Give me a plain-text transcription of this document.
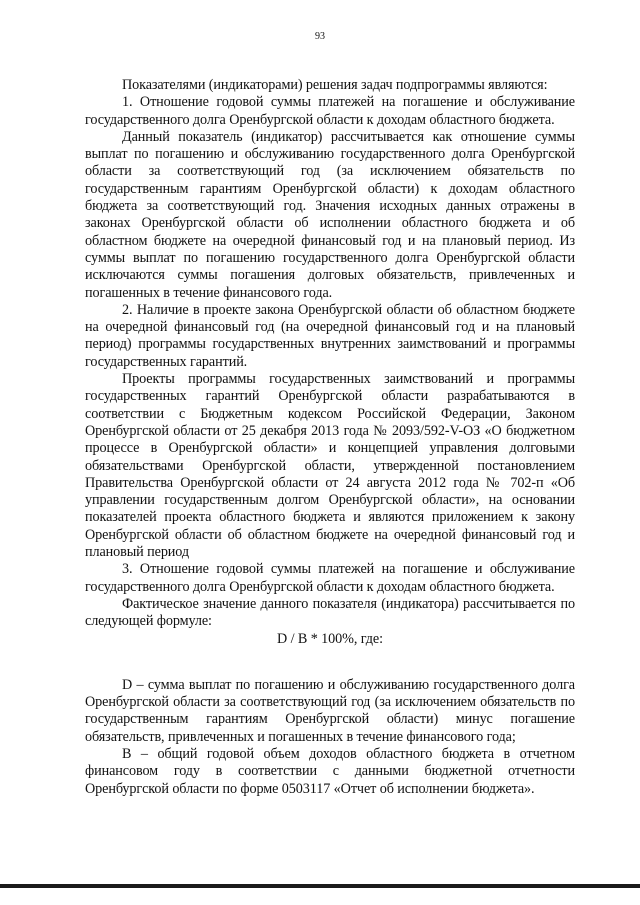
93

Показателями (индикаторами) решения задач подпрограммы являются:

1. Отношение годовой суммы платежей на погашение и обслуживание государственного долга Оренбургской области к доходам областного бюджета.

Данный показатель (индикатор) рассчитывается как отношение суммы выплат по погашению и обслуживанию государственного долга Оренбургской области за соответствующий год (за исключением обязательств по государственным гарантиям Оренбургской области) к доходам областного бюджета за соответствующий год. Значения исходных данных отражены в законах Оренбургской области об исполнении областного бюджета и об областном бюджете на очередной финансовый год и на плановый период. Из суммы выплат по погашению государственного долга Оренбургской области исключаются суммы погашения долговых обязательств, привлеченных и погашенных в течение финансового года.

2. Наличие в проекте закона Оренбургской области об областном бюджете на очередной финансовый год (на очередной финансовый год и на плановый период) программы государственных внутренних заимствований и программы государственных гарантий.

Проекты программы государственных заимствований и программы государственных гарантий Оренбургской области разрабатываются в соответствии с Бюджетным кодексом Российской Федерации, Законом Оренбургской области от 25 декабря 2013 года № 2093/592-V-ОЗ «О бюджетном процессе в Оренбургской области» и концепцией управления долговыми обязательствами Оренбургской области, утвержденной постановлением Правительства Оренбургской области от 24 августа 2012 года № 702-п «Об управлении государственным долгом Оренбургской области», на основании показателей проекта областного бюджета и являются приложением к закону Оренбургской области об областном бюджете на очередной финансовый год и плановый период

3. Отношение годовой суммы платежей на погашение и обслуживание государственного долга Оренбургской области к доходам областного бюджета.

Фактическое значение данного показателя (индикатора) рассчитывается по следующей формуле:

D / B * 100%, где:

D – сумма выплат по погашению и обслуживанию государственного долга Оренбургской области за соответствующий год (за исключением обязательств по государственным гарантиям Оренбургской области) минус погашение обязательств, привлеченных и погашенных в течение финансового года;

B – общий годовой объем доходов областного бюджета в отчетном финансовом году в соответствии с данными бюджетной отчетности Оренбургской области по форме 0503117 «Отчет об исполнении бюджета».
